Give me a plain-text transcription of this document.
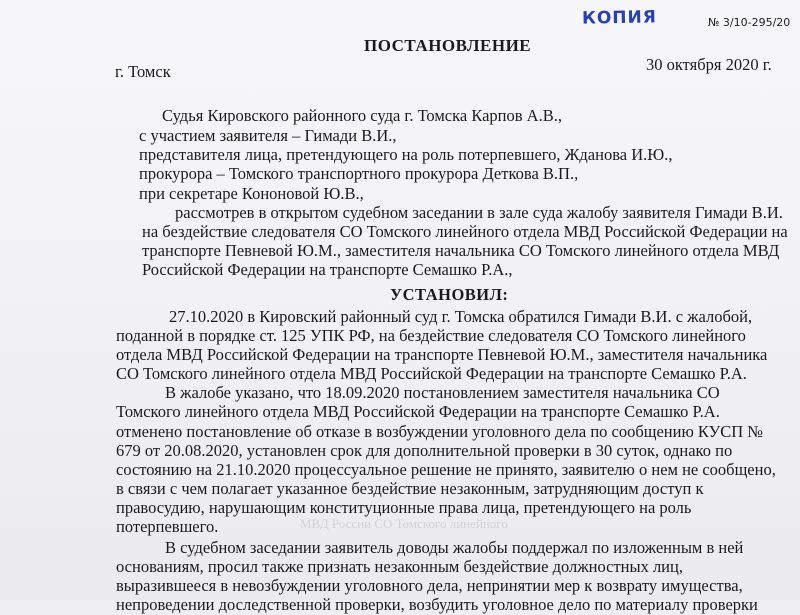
КОПИЯ	№ 3/10-295/20
ПОСТАНОВЛЕНИЕ
30 октября 2020 г.
г. Томск
Судья Кировского районного суда г. Томска Карпов А.В.,
с участием заявителя – Гимади В.И.,
представителя лица, претендующего на роль потерпевшего, Жданова И.Ю.,
прокурора – Томского транспортного прокурора Деткова В.П.,
при секретаре Кононовой Ю.В.,
рассмотрев в открытом судебном заседании в зале суда жалобу заявителя Гимади В.И.
на бездействие следователя СО Томского линейного отдела МВД Российской Федерации на
транспорте Певневой Ю.М., заместителя начальника СО Томского линейного отдела МВД
Российской Федерации на транспорте Семашко Р.А.,
УСТАНОВИЛ:
27.10.2020 в Кировский районный суд г. Томска обратился Гимади В.И. с жалобой,
поданной в порядке ст. 125 УПК РФ, на бездействие следователя СО Томского линейного
отдела МВД Российской Федерации на транспорте Певневой Ю.М., заместителя начальника
СО Томского линейного отдела МВД Российской Федерации на транспорте Семашко Р.А.
В жалобе указано, что 18.09.2020 постановлением заместителя начальника СО
Томского линейного отдела МВД Российской Федерации на транспорте Семашко Р.А.
отменено постановление об отказе в возбуждении уголовного дела по сообщению КУСП №
679 от 20.08.2020, установлен срок для дополнительной проверки в 30 суток, однако по
состоянию на 21.10.2020 процессуальное решение не принято, заявителю о нем не сообщено,
в связи с чем полагает указанное бездействие незаконным, затрудняющим доступ к
правосудию, нарушающим конституционные права лица, претендующего на роль
потерпевшего.	МВД России СО Томского линейного
В судебном заседании заявитель доводы жалобы поддержал по изложенным в ней
основаниям, просил также признать незаконным бездействие должностных лиц,
выразившееся в невозбуждении уголовного дела, непринятии мер к возврату имущества,
непроведении доследственной проверки, возбудить уголовное дело по материалу проверки
